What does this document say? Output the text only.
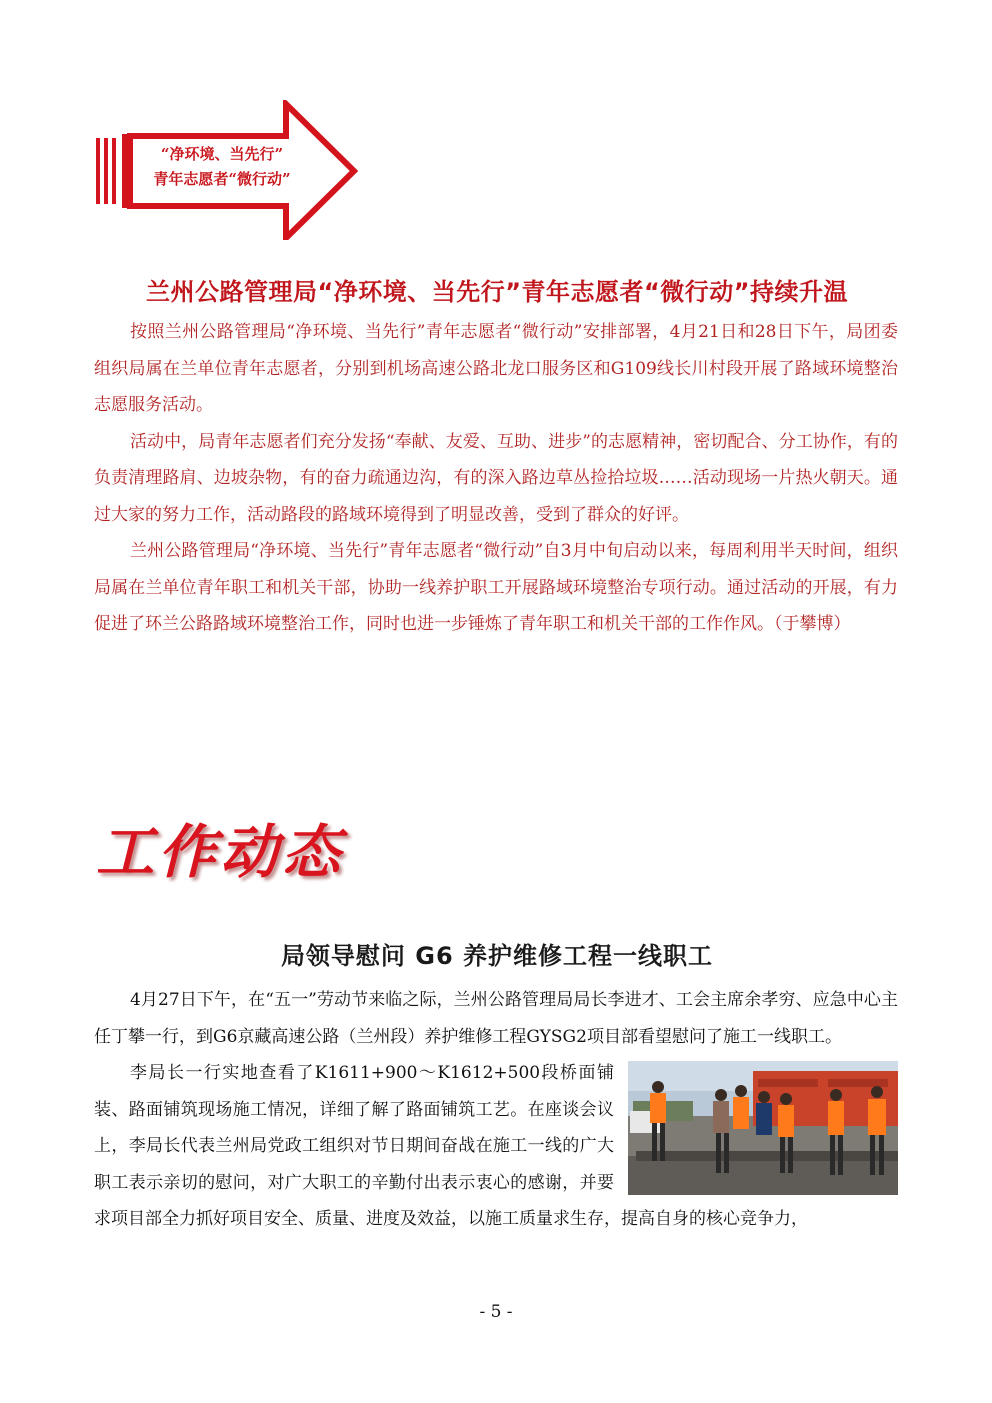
“净环境、当先行”
青年志愿者“微行动”
兰州公路管理局“净环境、当先行”青年志愿者“微行动”持续升温

按照兰州公路管理局“净环境、当先行”青年志愿者“微行动”安排部署，4月21日和28日下午，局团委组织局属在兰单位青年志愿者，分别到机场高速公路北龙口服务区和G109线长川村段开展了路域环境整治志愿服务活动。

活动中，局青年志愿者们充分发扬“奉献、友爱、互助、进步”的志愿精神，密切配合、分工协作，有的负责清理路肩、边坡杂物，有的奋力疏通边沟，有的深入路边草丛捡拾垃圾……活动现场一片热火朝天。通过大家的努力工作，活动路段的路域环境得到了明显改善，受到了群众的好评。

兰州公路管理局“净环境、当先行”青年志愿者“微行动”自3月中旬启动以来，每周利用半天时间，组织局属在兰单位青年职工和机关干部，协助一线养护职工开展路域环境整治专项行动。通过活动的开展，有力促进了环兰公路路域环境整治工作，同时也进一步锤炼了青年职工和机关干部的工作作风。（于攀博）

工作动态
局领导慰问 G6 养护维修工程一线职工

4月27日下午，在“五一”劳动节来临之际，兰州公路管理局局长李进才、工会主席余孝穷、应急中心主任丁攀一行，到G6京藏高速公路（兰州段）养护维修工程GYSG2项目部看望慰问了施工一线职工。

李局长一行实地查看了K1611+900～K1612+500段桥面铺装、路面铺筑现场施工情况，详细了解了路面铺筑工艺。在座谈会议上，李局长代表兰州局党政工组织对节日期间奋战在施工一线的广大职工表示亲切的慰问，对广大职工的辛勤付出表示衷心的感谢，并要求项目部全力抓好项目安全、质量、进度及效益，以施工质量求生存，提高自身的核心竞争力，

- 5 -
